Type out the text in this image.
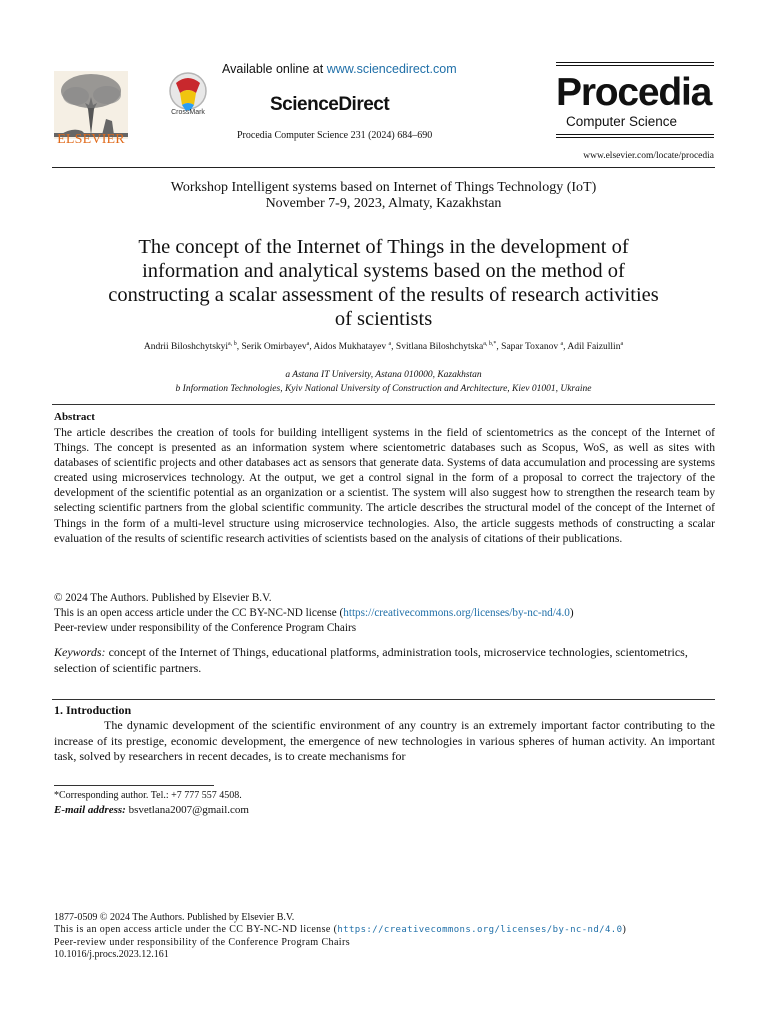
ELSEVIER
CrossMark
Available online at www.sciencedirect.com
ScienceDirect
Procedia Computer Science 231 (2024) 684–690
Procedia
Computer Science
www.elsevier.com/locate/procedia
Workshop Intelligent systems based on Internet of Things Technology (IoT)
November 7-9, 2023, Almaty, Kazakhstan
The concept of the Internet of Things in the development of
information and analytical systems based on the method of
constructing a scalar assessment of the results of research activities
of scientists
Andrii Biloshchytskyi$^{a, b}$, Serik Omirbayev$^a$, Aidos Mukhatayev $^a$, Svitlana Biloshchytska$^{a, b,*}$, Sapar Toxanov $^a$, Adil Faizullin$^a$
a Astana IT University, Astana 010000, Kazakhstan
b Information Technologies, Kyiv National University of Construction and Architecture, Kiev 01001, Ukraine
Abstract
The article describes the creation of tools for building intelligent systems in the field of scientometrics as the concept of the Internet of Things. The concept is presented as an information system where scientometric databases such as Scopus, WoS, as well as sites with databases of scientific projects and other databases act as sensors that generate data. Systems of data accumulation and processing are systems created using microservices technology. At the output, we get a control signal in the form of a proposal to correct the trajectory of the development of the scientific potential as an organization or a scientist. The system will also suggest how to strengthen the research team by selecting scientific partners from the global scientific community. The article describes the structural model of the concept of the Internet of Things in the form of a multi-level structure using microservice technologies. Also, the article suggests methods of constructing a scalar evaluation of the results of scientific research activities of scientists based on the analysis of citations of their publications.
© 2024 The Authors. Published by Elsevier B.V.
This is an open access article under the CC BY-NC-ND license (https://creativecommons.org/licenses/by-nc-nd/4.0)
Peer-review under responsibility of the Conference Program Chairs
Keywords: concept of the Internet of Things, educational platforms, administration tools, microservice technologies, scientometrics, selection of scientific partners.
1. Introduction
The dynamic development of the scientific environment of any country is an extremely important factor contributing to the increase of its prestige, economic development, the emergence of new technologies in various spheres of human activity. An important task, solved by researchers in recent decades, is to create mechanisms for
*Corresponding author. Tel.: +7 777 557 4508.
E-mail address: bsvetlana2007@gmail.com
1877-0509 © 2024 The Authors. Published by Elsevier B.V.
This is an open access article under the CC BY-NC-ND license (https://creativecommons.org/licenses/by-nc-nd/4.0)
Peer-review under responsibility of the Conference Program Chairs
10.1016/j.procs.2023.12.161
